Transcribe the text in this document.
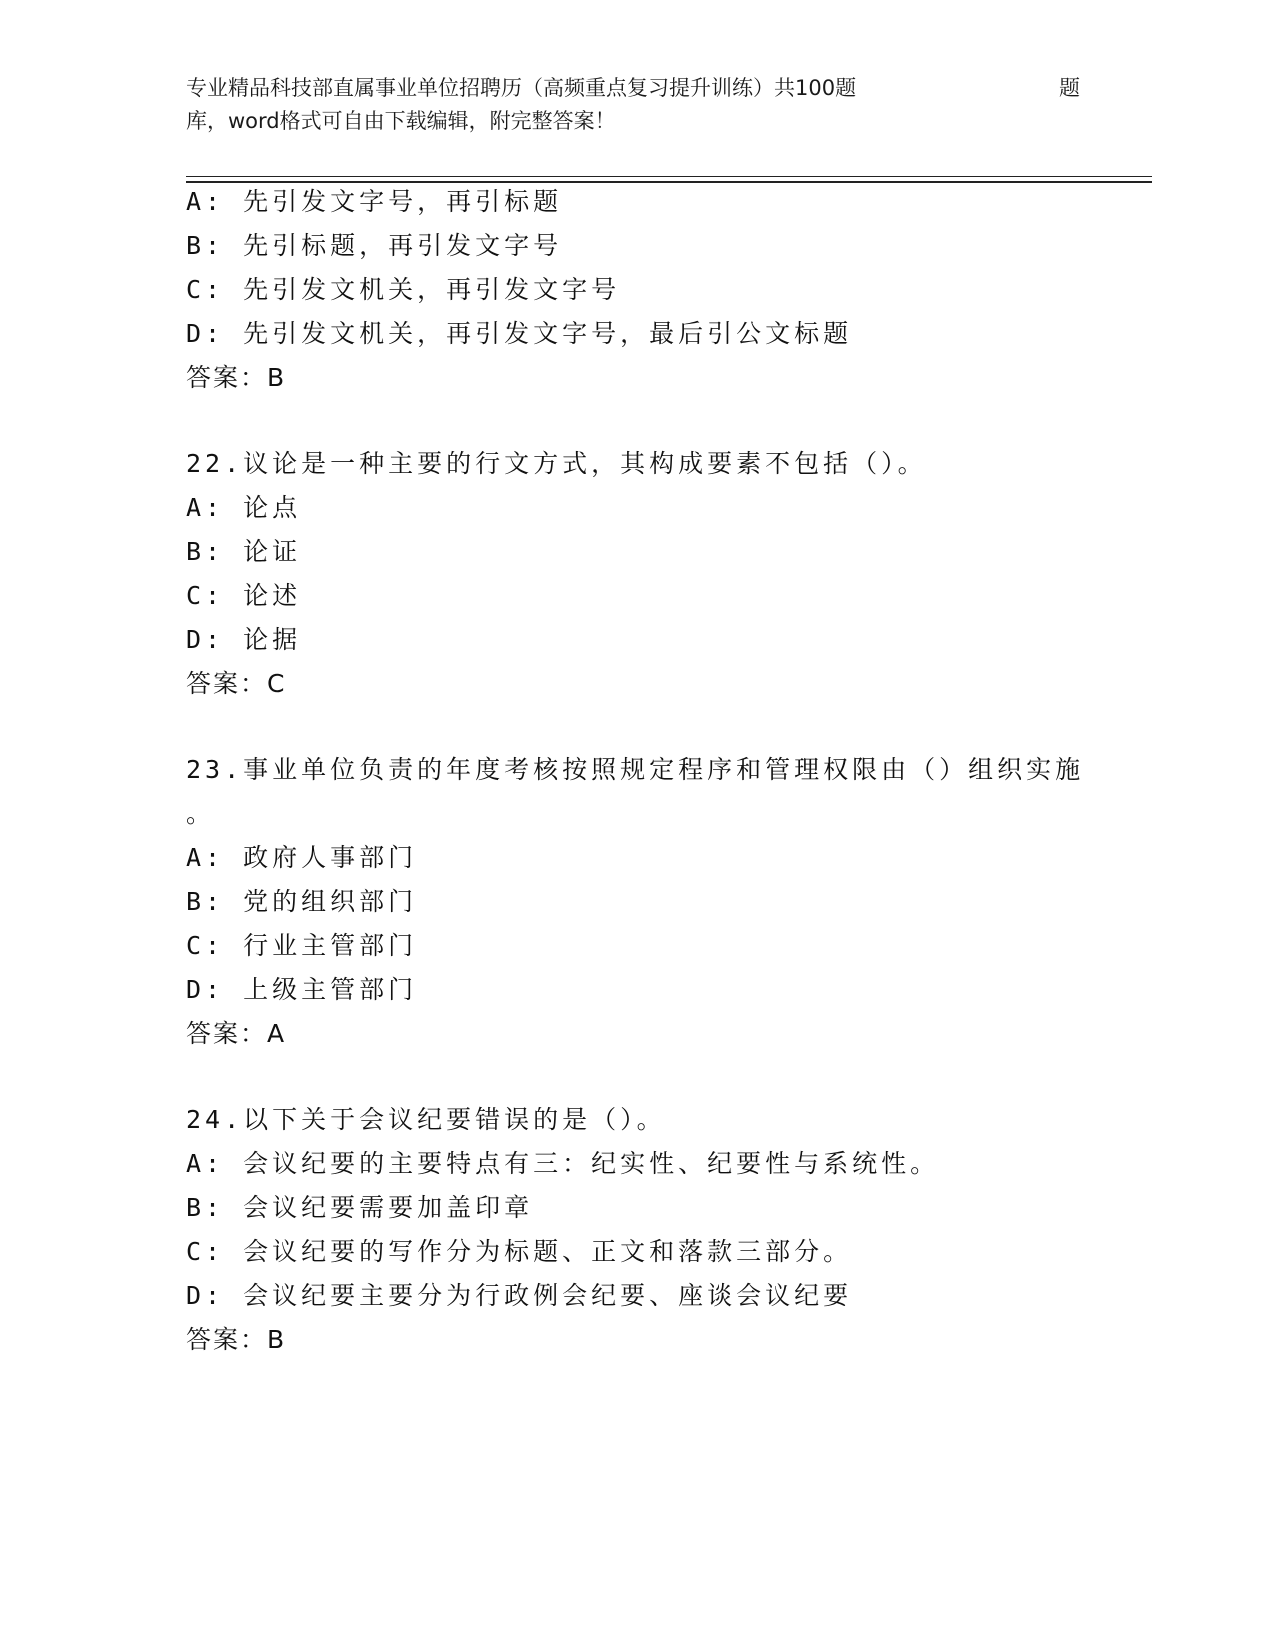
专业精品科技部直属事业单位招聘历（高频重点复习提升训练）共100题	题
库，word格式可自由下载编辑，附完整答案！
A: 先引发文字号，再引标题
B: 先引标题，再引发文字号
C: 先引发文机关，再引发文字号
D: 先引发文机关，再引发文字号，最后引公文标题
答案：B
22.议论是一种主要的行文方式，其构成要素不包括（）。
A: 论点
B: 论证
C: 论述
D: 论据
答案：C
23.事业单位负责的年度考核按照规定程序和管理权限由（）组织实施
。
A: 政府人事部门
B: 党的组织部门
C: 行业主管部门
D: 上级主管部门
答案：A
24.以下关于会议纪要错误的是（）。
A: 会议纪要的主要特点有三：纪实性、纪要性与系统性。
B: 会议纪要需要加盖印章
C: 会议纪要的写作分为标题、正文和落款三部分。
D: 会议纪要主要分为行政例会纪要、座谈会议纪要
答案：B
